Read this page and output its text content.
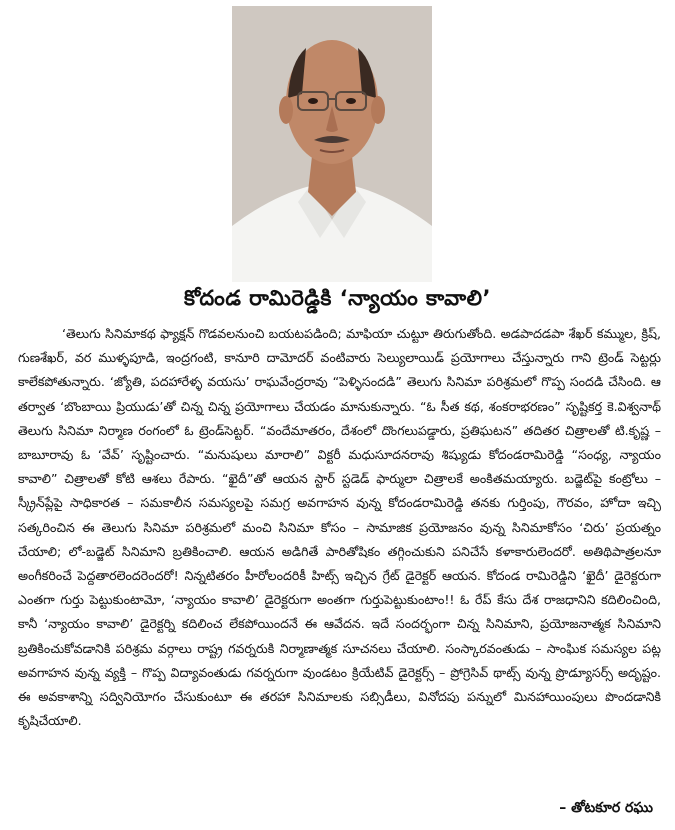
కోదండ రామిరెడ్డికి ‘న్యాయం కావాలి’

‘తెలుగు సినిమాకథ ఫ్యాక్షన్ గొడవలనుంచి బయటపడింది; మాఫియా చుట్టూ తిరుగుతోంది. అడపాదడపా శేఖర్ కమ్ముల, క్రిష్, గుణశేఖర్, వర ముళ్ళపూడి, ఇంద్రగంటి, కానూరి దామోదర్ వంటివారు సెల్యులాయిడ్ ప్రయోగాలు చేస్తున్నారు గాని ట్రెండ్ సెట్టర్లు కాలేకపోతున్నారు. ‘జ్యోతి, పదహారేళ్ళ వయసు’ రాఘవేంద్రరావు “పెళ్ళిసందడి” తెలుగు సినిమా పరిశ్రమలో గొప్ప సందడి చేసింది. ఆ తర్వాత ‘బొంబాయి ప్రియుడు’తో చిన్న చిన్న ప్రయోగాలు చేయడం మానుకున్నారు. “ఓ సీత కథ, శంకరాభరణం” సృష్టికర్త కె.విశ్వనాథ్ తెలుగు సినిమా నిర్మాణ రంగంలో ఓ ట్రెండ్‌సెట్టర్. “వందేమాతరం, దేశంలో దొంగలుపడ్డారు, ప్రతిఘటన” తదితర చిత్రాలతో టి.కృష్ణ – బాబూరావు ఓ ‘వేవ్’ సృష్టించారు. “మనుషులు మారాలి” విక్టరీ మధుసూదనరావు శిష్యుడు కోదండరామిరెడ్డి “సంధ్య, న్యాయం కావాలి” చిత్రాలతో కోటి ఆశలు రేపారు. “ఖైదీ”తో ఆయన స్టార్ స్టడెడ్ ఫార్ములా చిత్రాలకే అంకితమయ్యారు. బడ్జెట్‌పై కంట్రోలు – స్క్రీన్‌ప్లేపై సాధికారత – సమకాలీన సమస్యలపై సమగ్ర అవగాహన వున్న కోదండరామిరెడ్డి తనకు గుర్తింపు, గౌరవం, హోదా ఇచ్చి సత్కరించిన ఈ తెలుగు సినిమా పరిశ్రమలో మంచి సినిమా కోసం – సామాజిక ప్రయోజనం వున్న సినిమాకోసం ‘చిరు’ ప్రయత్నం చేయాలి; లో-బడ్జెట్ సినిమాని బ్రతికించాలి. ఆయన అడిగితే పారితోషికం తగ్గించుకుని పనిచేసే కళాకారులెందరో. అతిథిపాత్రలనూ అంగీకరించే పెద్దతారలెందరెందరో! నిన్నటితరం హీరోలందరికీ హిట్స్ ఇచ్చిన గ్రేట్ డైరెక్టర్ ఆయన. కోదండ రామిరెడ్డిని ‘ఖైదీ’ డైరెక్టరుగా ఎంతగా గుర్తు పెట్టుకుంటామో, ‘న్యాయం కావాలి’ డైరెక్టరుగా అంతగా గుర్తుపెట్టుకుంటాం!! ఓ రేప్ కేసు దేశ రాజధానిని కదిలించింది, కానీ ‘న్యాయం కావాలి’ డైరెక్టర్ని కదిలించ లేకపోయిందనే ఈ ఆవేదన. ఇదే సందర్భంగా చిన్న సినిమాని, ప్రయోజనాత్మక సినిమాని బ్రతికించుకోవడానికి పరిశ్రమ వర్గాలు రాష్ట్ర గవర్నరుకి నిర్మాణాత్మక సూచనలు చేయాలి. సంస్కారవంతుడు – సాంఘిక సమస్యల పట్ల అవగాహన వున్న వ్యక్తి – గొప్ప విద్యావంతుడు గవర్నరుగా వుండటం క్రియేటివ్ డైరెక్టర్స్ – ప్రోగ్రెసివ్ థాట్స్ వున్న ప్రొడ్యూసర్స్ అదృష్టం. ఈ అవకాశాన్ని సద్వినియోగం చేసుకుంటూ ఈ తరహా సినిమాలకు సబ్సిడీలు, వినోదపు పన్నులో మినహాయింపులు పొందడానికి కృషిచేయాలి.

– తోటకూర రఘు
